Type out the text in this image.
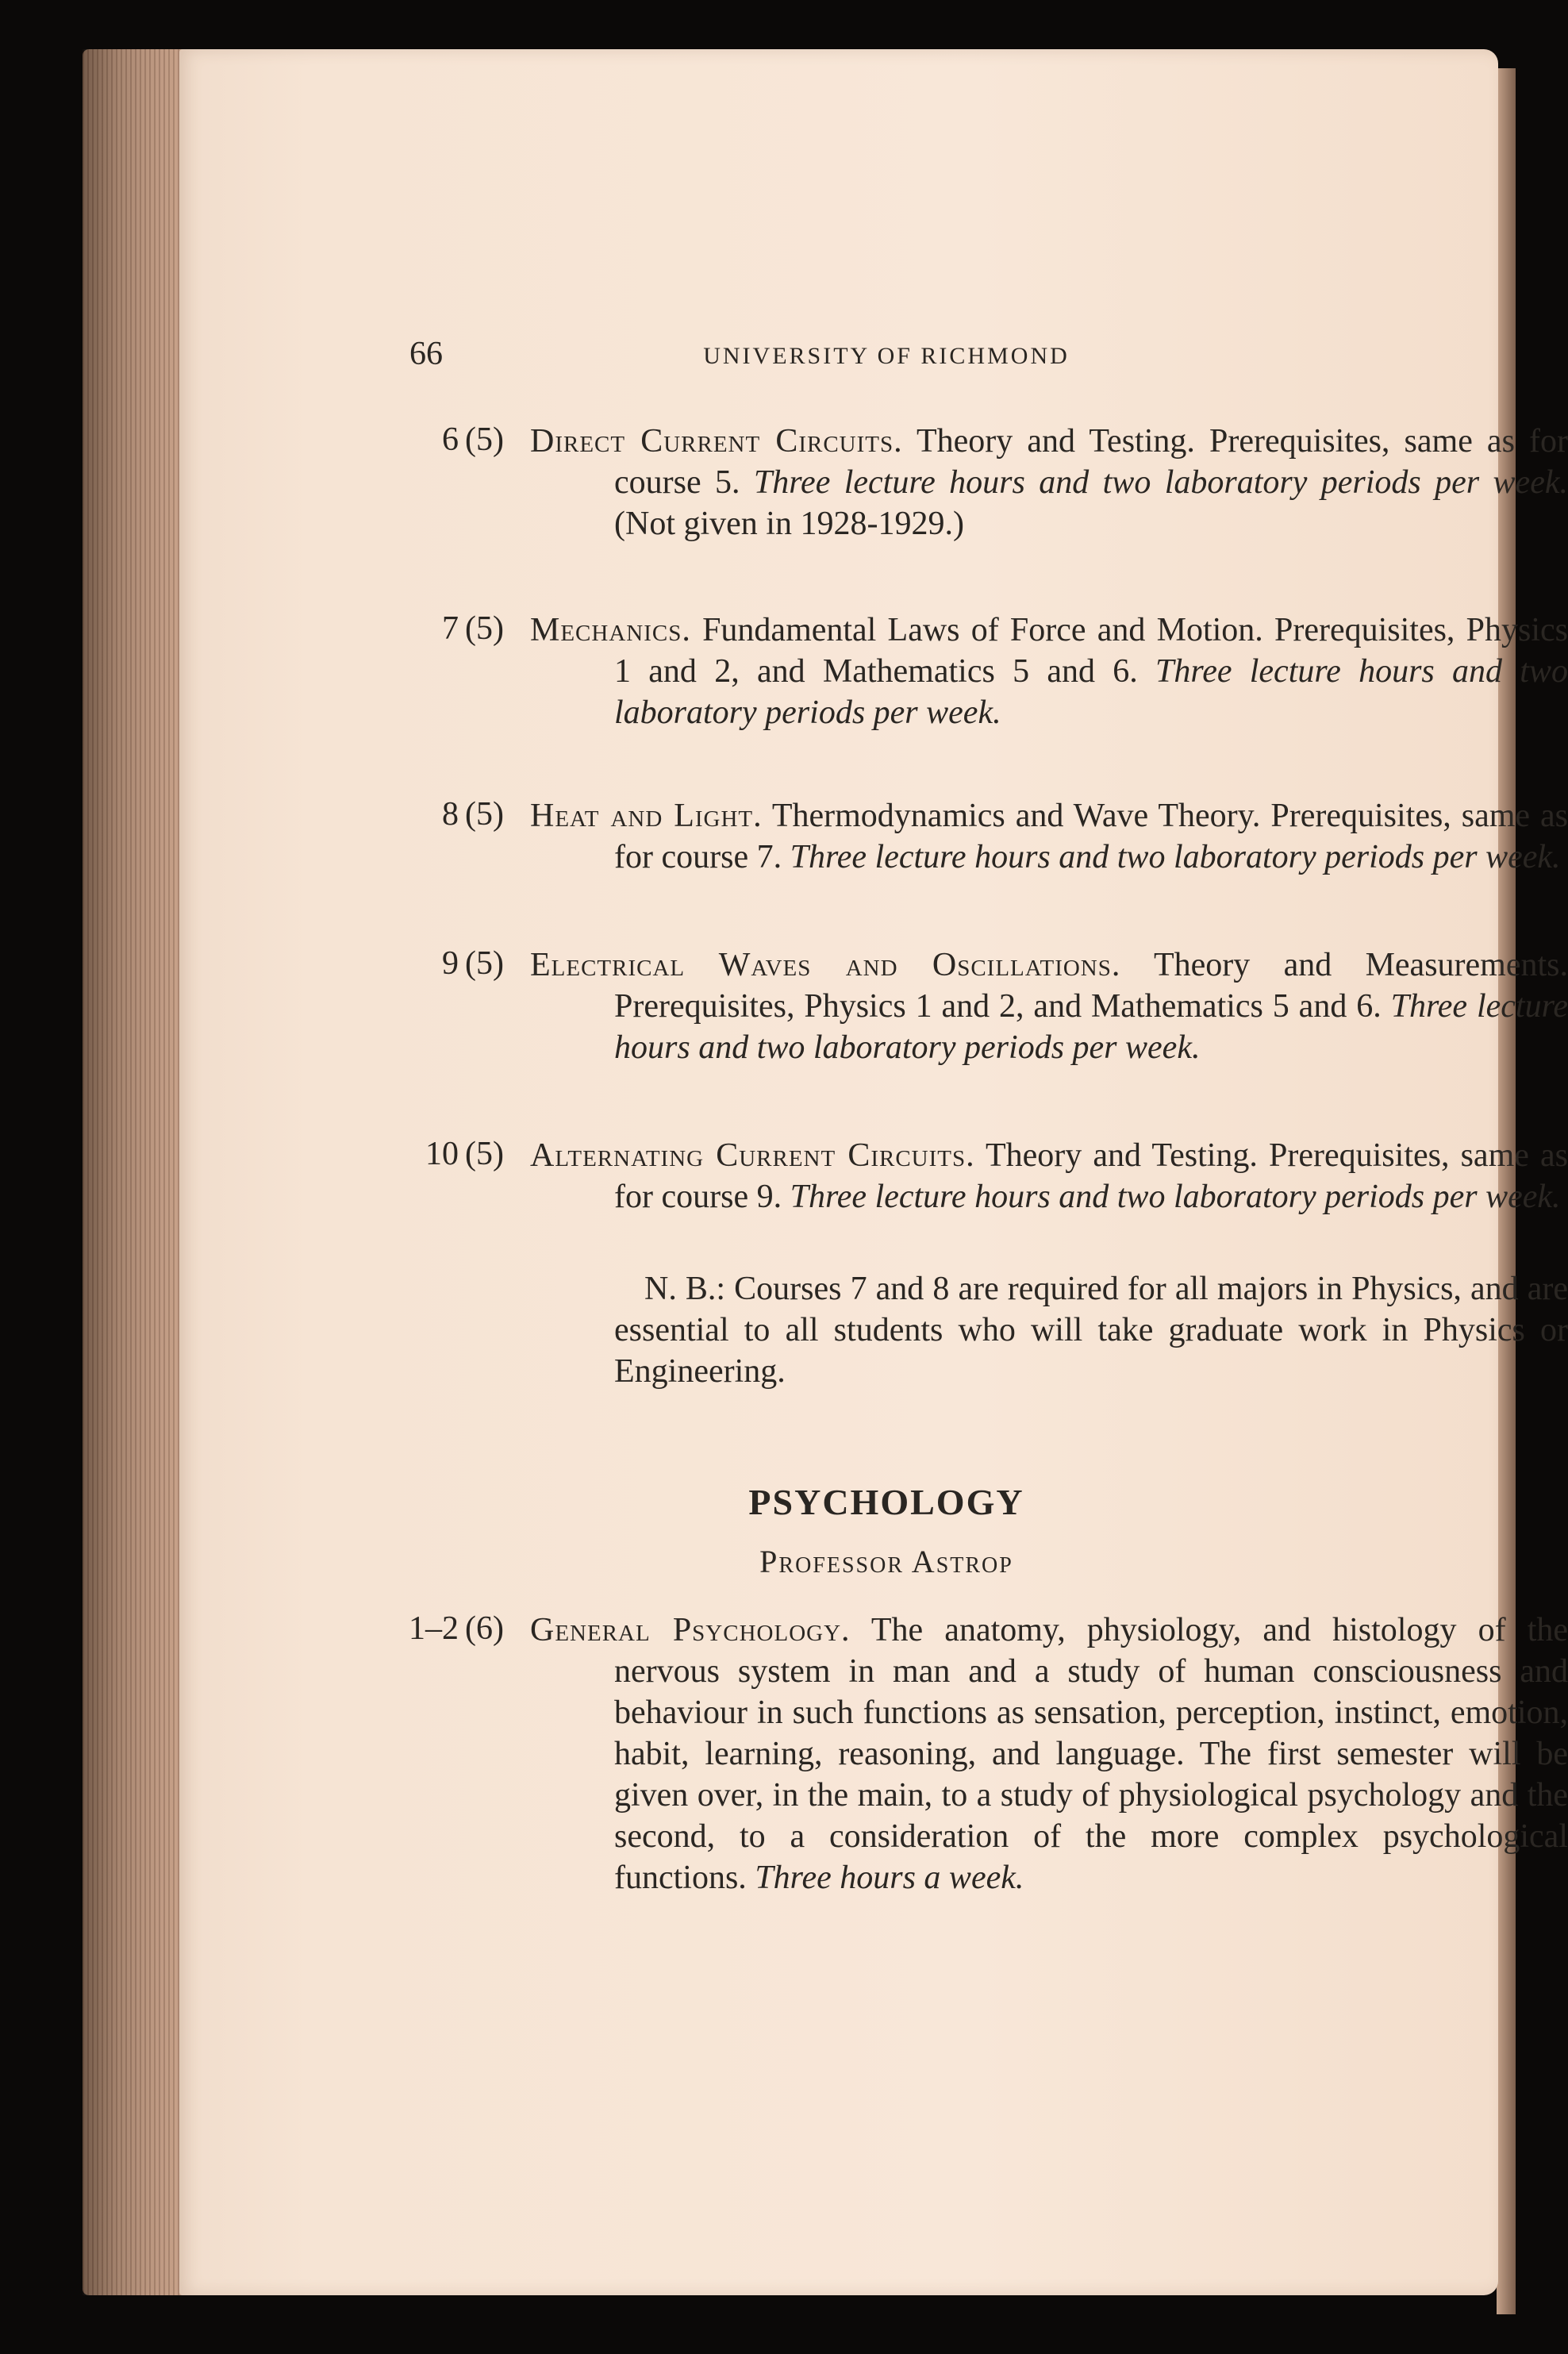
66	UNIVERSITY OF RICHMOND
6 (5) Direct Current Circuits. Theory and Testing. Prerequisites, same as for course 5. Three lecture hours and two laboratory periods per week. (Not given in 1928-1929.)

7 (5) Mechanics. Fundamental Laws of Force and Motion. Prerequisites, Physics 1 and 2, and Mathematics 5 and 6. Three lecture hours and two laboratory periods per week.

8 (5) Heat and Light. Thermodynamics and Wave Theory. Prerequisites, same as for course 7. Three lecture hours and two laboratory periods per week.

9 (5) Electrical Waves and Oscillations. Theory and Measurements. Prerequisites, Physics 1 and 2, and Mathematics 5 and 6. Three lecture hours and two laboratory periods per week.

10 (5) Alternating Current Circuits. Theory and Testing. Prerequisites, same as for course 9. Three lecture hours and two laboratory periods per week.

N. B.: Courses 7 and 8 are required for all majors in Physics, and are essential to all students who will take graduate work in Physics or Engineering.

PSYCHOLOGY
Professor Astrop
1–2 (6) General Psychology. The anatomy, physiology, and histology of the nervous system in man and a study of human consciousness and behaviour in such functions as sensation, perception, instinct, emotion, habit, learning, reasoning, and language. The first semester will be given over, in the main, to a study of physiological psychology and the second, to a consideration of the more complex psychological functions. Three hours a week.
